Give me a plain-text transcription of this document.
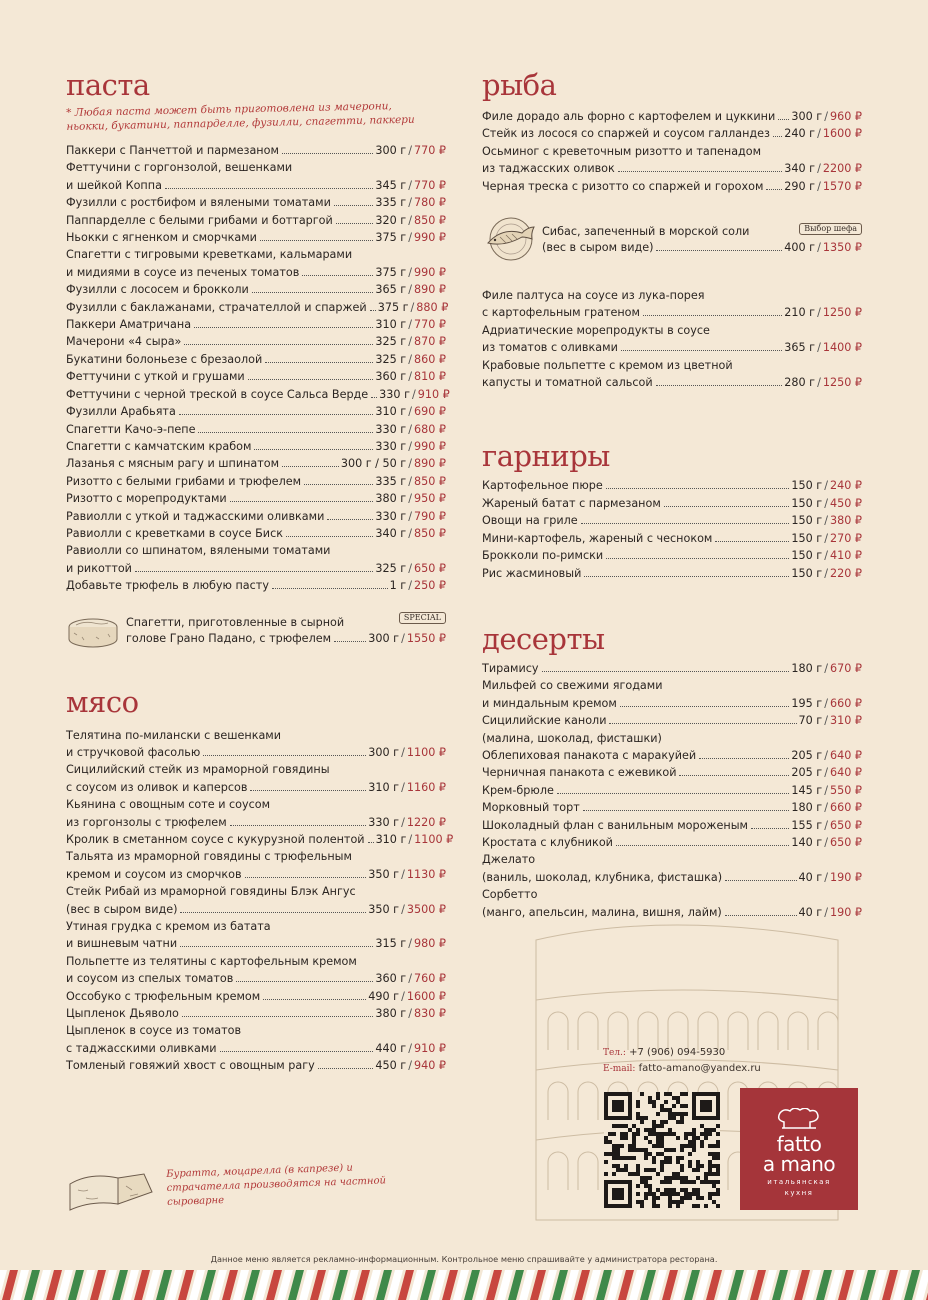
паста

* Любая паста может быть приготовлена из мачерони, ньокки, букатини, паппарделле, фузилли, спагетти, паккери

Паккери с Панчеттой и пармезаном	300 г / 770 ₽
Феттучини с горгонзолой, вешенками
и шейкой Коппа	345 г / 770 ₽
Фузилли с ростбифом и вялеными томатами	335 г / 780 ₽
Паппарделле с белыми грибами и боттаргой	320 г / 850 ₽
Ньокки с ягненком и сморчками	375 г / 990 ₽
Спагетти с тигровыми креветками, кальмарами
и мидиями в соусе из печеных томатов	375 г / 990 ₽
Фузилли с лососем и брокколи	365 г / 890 ₽
Фузилли с баклажанами, страчателлой и спаржей 375 г / 880 ₽
Паккери Аматричана	310 г / 770 ₽
Мачерони «4 сыра»	325 г / 870 ₽
Букатини болоньезе с брезаолой	325 г / 860 ₽
Феттучини с уткой и грушами	360 г / 810 ₽
Феттучини с черной треской в соусе Сальса Верде 330 г / 910 ₽
Фузилли Арабьята	310 г / 690 ₽
Спагетти Качо-э-пепе	330 г / 680 ₽
Спагетти с камчатским крабом	330 г / 990 ₽
Лазанья с мясным рагу и шпинатом	300 г / 50 г / 890 ₽
Ризотто с белыми грибами и трюфелем	335 г / 850 ₽
Ризотто с морепродуктами	380 г / 950 ₽
Равиолли с уткой и таджасскими оливками	330 г / 790 ₽
Равиолли с креветками в соусе Биск	340 г / 850 ₽
Равиолли со шпинатом, вялеными томатами
и рикоттой	325 г / 650 ₽
Добавьте трюфель в любую пасту	1 г / 250 ₽
SPECIAL
Спагетти, приготовленные в сырной
голове Грано Падано, с трюфелем	300 г / 1550 ₽
мясо
Телятина по-милански с вешенками
и стручковой фасолью	300 г / 1100 ₽
Сицилийский стейк из мраморной говядины
с соусом из оливок и каперсов	310 г / 1160 ₽
Кьянина с овощным соте и соусом
из горгонзолы с трюфелем	330 г / 1220 ₽
Кролик в сметанном соусе с кукурузной полентой 310 г / 1100 ₽
Тальята из мраморной говядины с трюфельным
кремом и соусом из сморчков	350 г / 1130 ₽
Стейк Рибай из мраморной говядины Блэк Ангус
(вес в сыром виде)	350 г / 3500 ₽
Утиная грудка с кремом из батата
и вишневым чатни	315 г / 980 ₽
Польпетте из телятины с картофельным кремом
и соусом из спелых томатов	360 г / 760 ₽
Оссобуко с трюфельным кремом	490 г / 1600 ₽
Цыпленок Дьяволо	380 г / 830 ₽
Цыпленок в соусе из томатов
с таджасскими оливками	440 г / 910 ₽
Томленый говяжий хвост с овощным рагу	450 г / 940 ₽
рыба
Филе дорадо аль форно с картофелем и цуккини 300 г / 960 ₽
Стейк из лосося со спаржей и соусом галландез 240 г / 1600 ₽
Осьминог с креветочным ризотто и тапенадом
из таджасских оливок	340 г / 2200 ₽
Черная треска с ризотто со спаржей и горохом 290 г / 1570 ₽
Выбор шефа
Сибас, запеченный в морской соли
(вес в сыром виде)	400 г / 1350 ₽
Филе палтуса на соусе из лука-порея
с картофельным гратеном	210 г / 1250 ₽
Адриатические морепродукты в соусе
из томатов с оливками	365 г / 1400 ₽
Крабовые польпетте с кремом из цветной
капусты и томатной сальсой	280 г / 1250 ₽
гарниры
Картофельное пюре	150 г / 240 ₽
Жареный батат с пармезаном	150 г / 450 ₽
Овощи на гриле	150 г / 380 ₽
Мини-картофель, жареный с чесноком	150 г / 270 ₽
Брокколи по-римски	150 г / 410 ₽
Рис жасминовый	150 г / 220 ₽
десерты
Тирамису	180 г / 670 ₽
Мильфей со свежими ягодами
и миндальным кремом	195 г / 660 ₽
Сицилийские каноли	70 г / 310 ₽
(малина, шоколад, фисташки)
Облепиховая панакота с маракуйей	205 г / 640 ₽
Черничная панакота с ежевикой	205 г / 640 ₽
Крем-брюле	145 г / 550 ₽
Морковный торт	180 г / 660 ₽
Шоколадный флан с ванильным мороженым	155 г / 650 ₽
Кростата с клубникой	140 г / 650 ₽
Джелато
(ваниль, шоколад, клубника, фисташка)	40 г / 190 ₽
Сорбетто
(манго, апельсин, малина, вишня, лайм)	40 г / 190 ₽
Тел.: +7 (906) 094-5930
E-mail: fatto-amano@yandex.ru
fatto
a mano
итальянская
кухня
Буратта, моцарелла (в капрезе) и страчателла производятся на частной сыроварне
Данное меню является рекламно-информационным. Контрольное меню спрашивайте у администратора ресторана.
